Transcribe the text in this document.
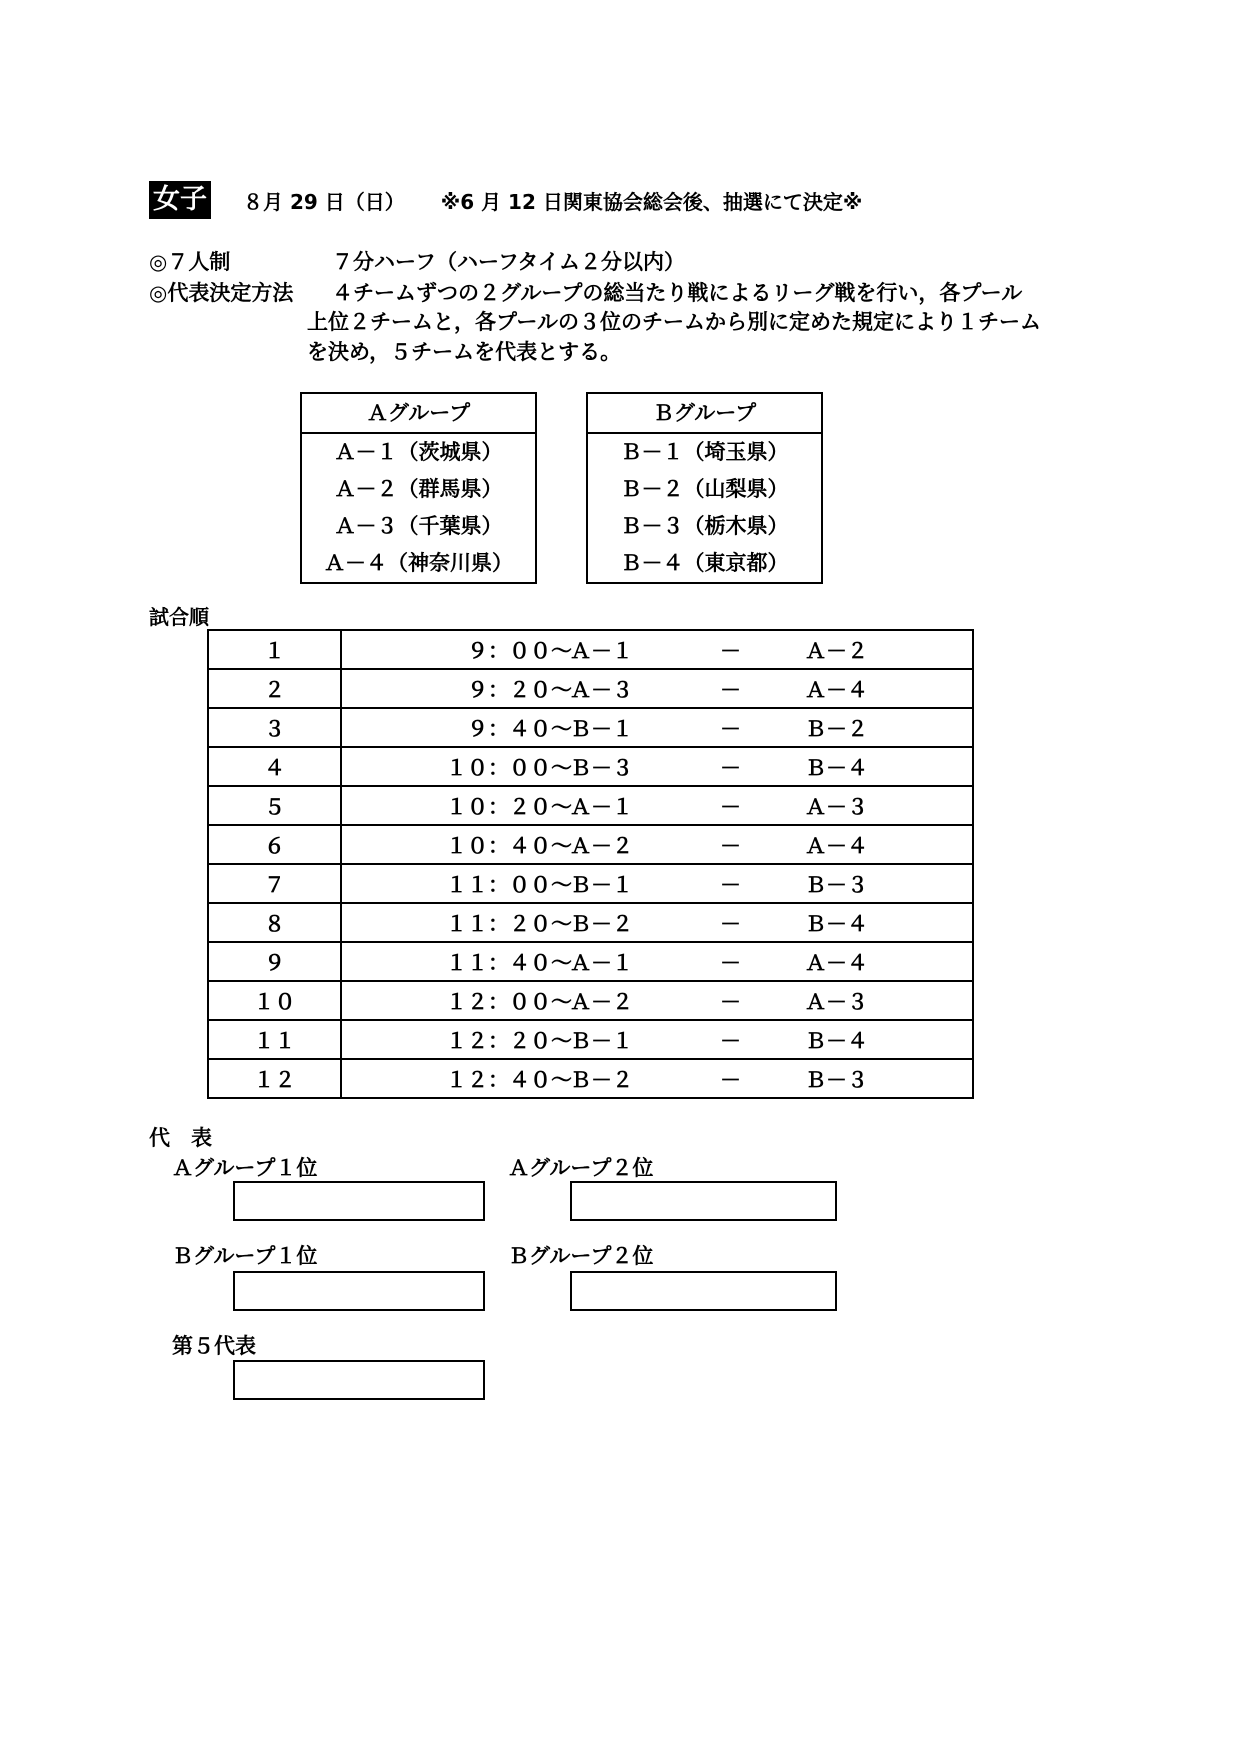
女子 ８月 29 日（日） ※6 月 12 日関東協会総会後、抽選にて決定※
◎７人制	７分ハーフ（ハーフタイム２分以内）
◎代表決定方法 ４チームずつの２グループの総当たり戦によるリーグ戦を行い，各プール
上位２チームと，各プールの３位のチームから別に定めた規定により１チーム
を決め，５チームを代表とする。
Ａグループ
Ａ－１（茨城県）
Ａ－２（群馬県）
Ａ－３（千葉県）
Ａ－４（神奈川県）
Ｂグループ
Ｂ－１（埼玉県）
Ｂ－２（山梨県）
Ｂ－３（栃木県）
Ｂ－４（東京都）
試合順
１	９：００～	Ａ－１	－	Ａ－２
２	９：２０～	Ａ－３	－	Ａ－４
３	９：４０～	Ｂ－１	－	Ｂ－２
４	１０：００～	Ｂ－３	－	Ｂ－４
５	１０：２０～	Ａ－１	－	Ａ－３
６	１０：４０～	Ａ－２	－	Ａ－４
７	１１：００～	Ｂ－１	－	Ｂ－３
８	１１：２０～	Ｂ－２	－	Ｂ－４
９	１１：４０～	Ａ－１	－	Ａ－４
１０	１２：００～	Ａ－２	－	Ａ－３
１１	１２：２０～	Ｂ－１	－	Ｂ－４
１２	１２：４０～	Ｂ－２	－	Ｂ－３
代　表
Ａグループ１位	Ａグループ２位
Ｂグループ１位	Ｂグループ２位
第５代表
